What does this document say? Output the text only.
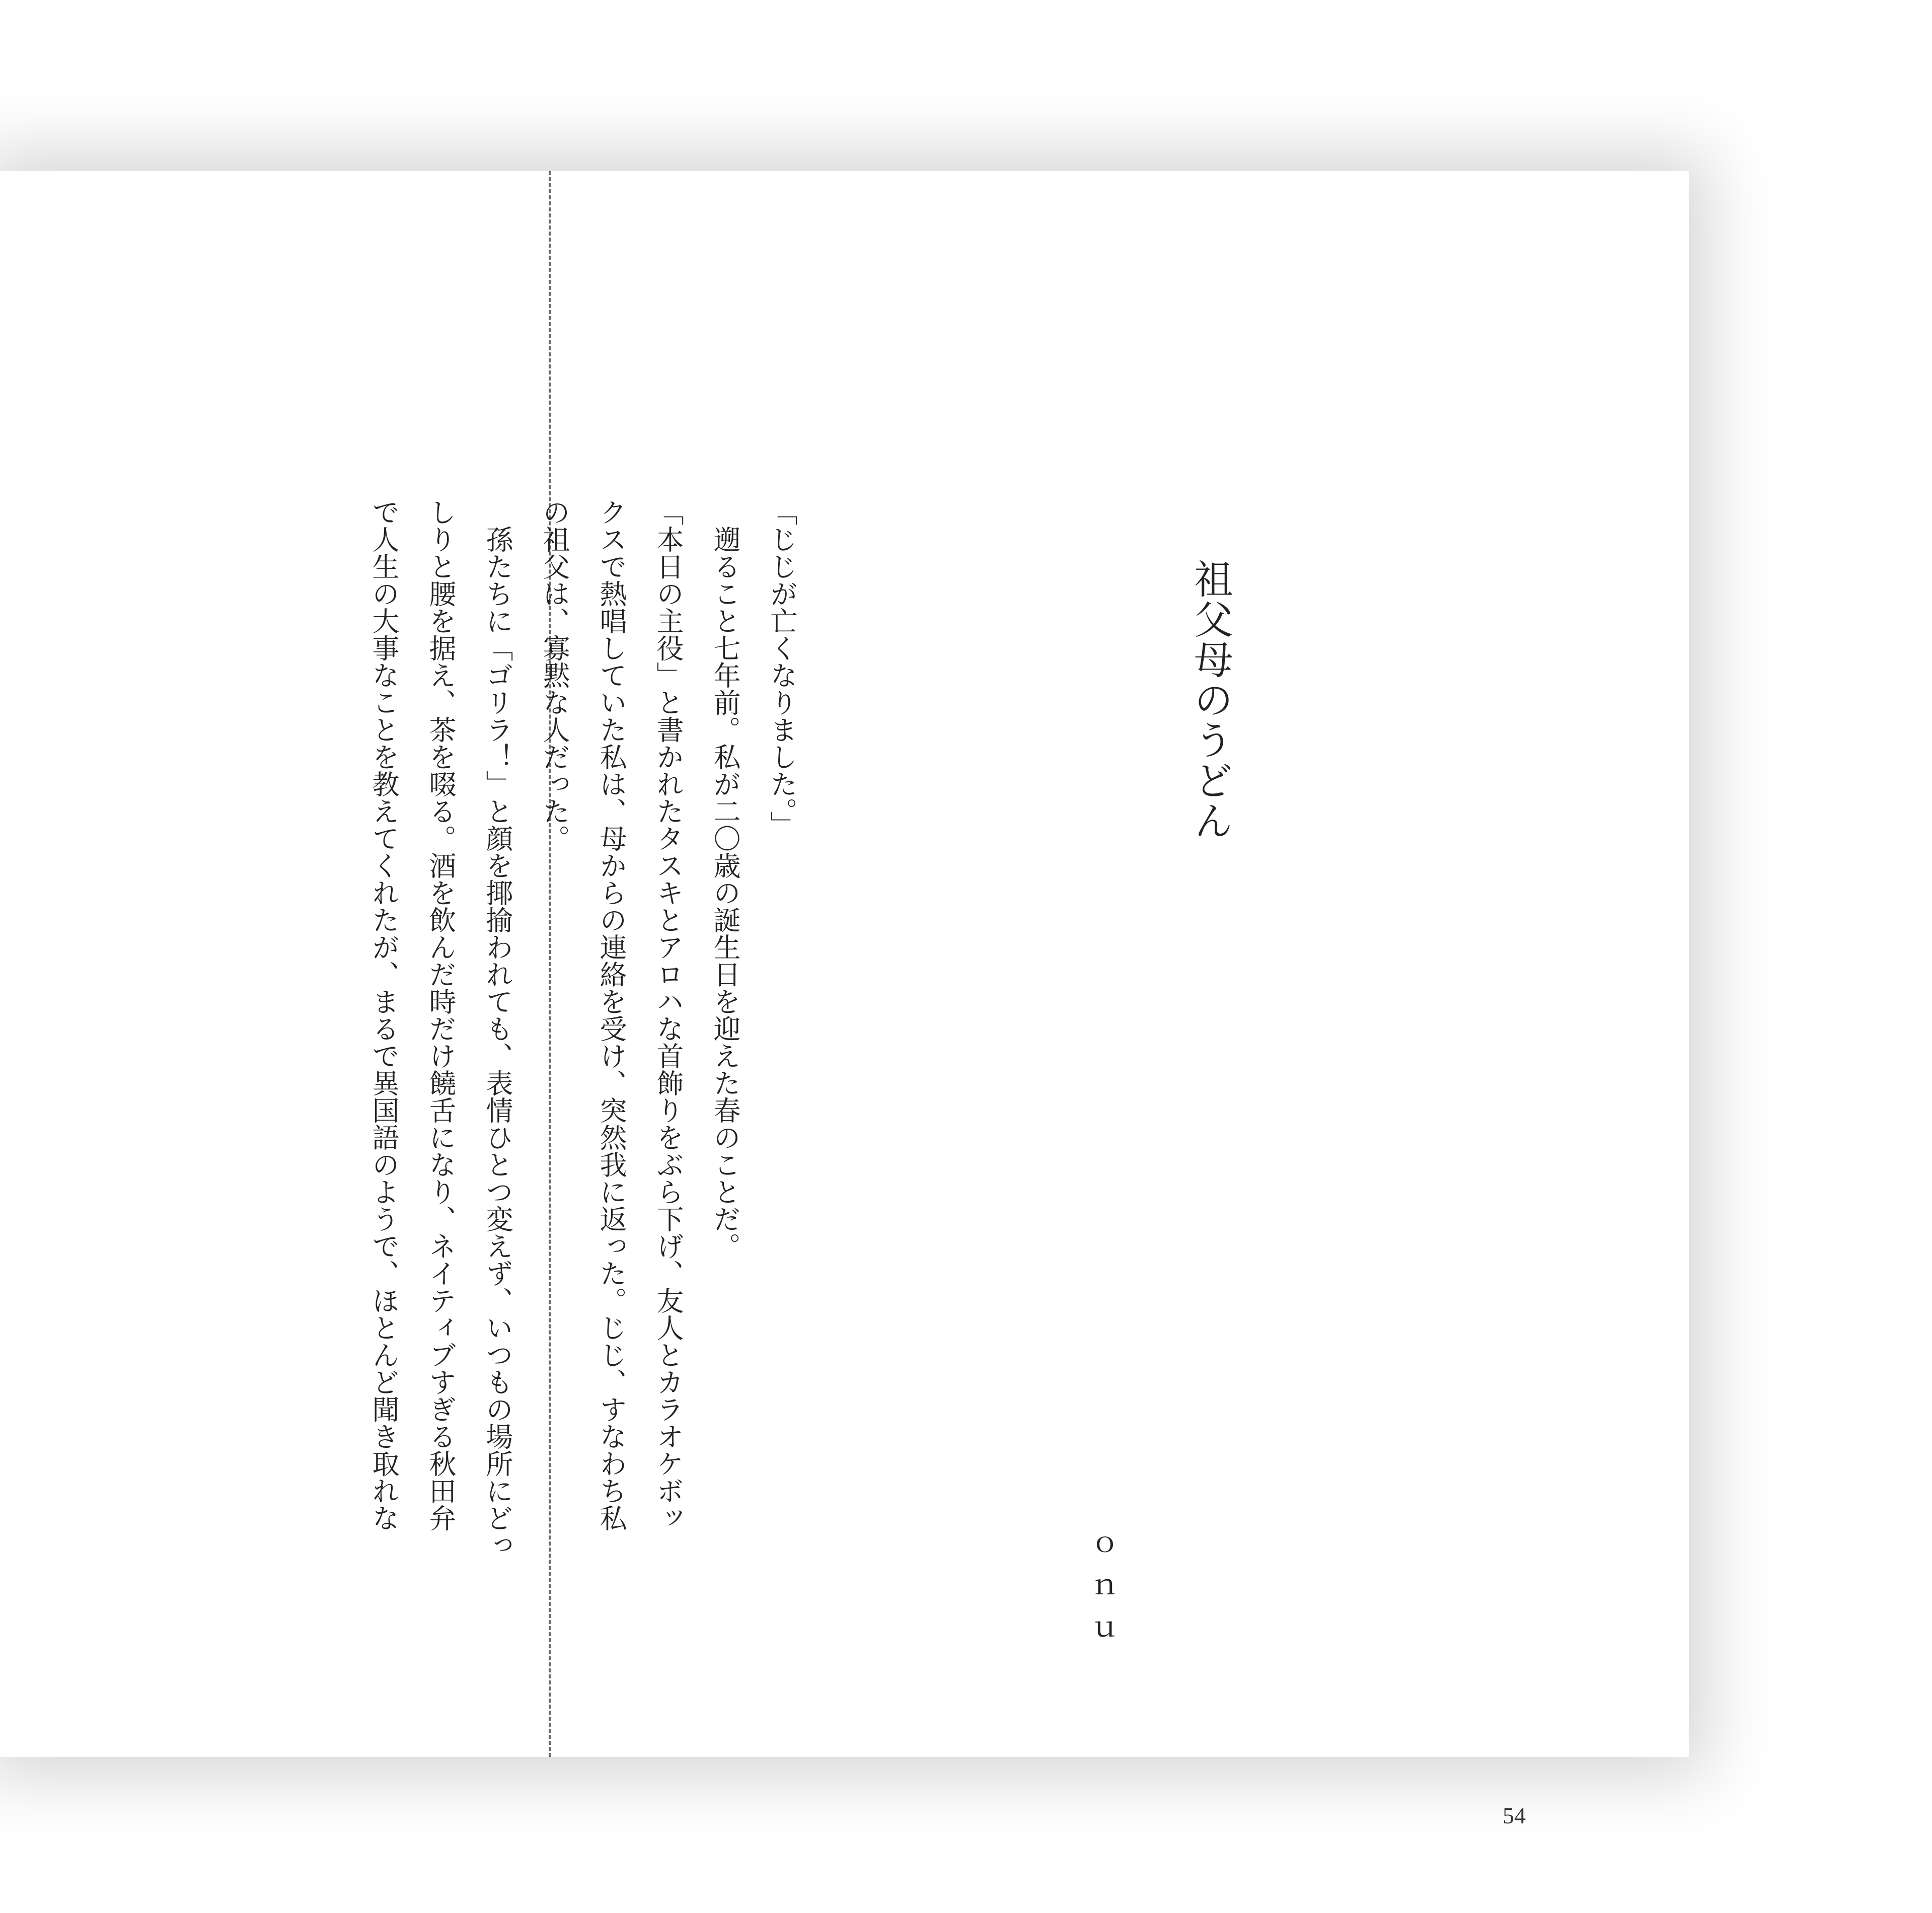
祖父母のうどん

ｏｎｕ

「じじが亡くなりました。」
　遡ること七年前。私が二〇歳の誕生日を迎えた春のことだ。
「本日の主役」と書かれたタスキとアロハな首飾りをぶら下げ、友人とカラオケボッ
クスで熱唱していた私は、母からの連絡を受け、突然我に返った。じじ、すなわち私
の祖父は、寡黙な人だった。
　孫たちに「ゴリラ！」と顔を揶揄われても、表情ひとつ変えず、いつもの場所にどっ
しりと腰を据え、茶を啜る。酒を飲んだ時だけ饒舌になり、ネイティブすぎる秋田弁
で人生の大事なことを教えてくれたが、まるで異国語のようで、ほとんど聞き取れな

54
